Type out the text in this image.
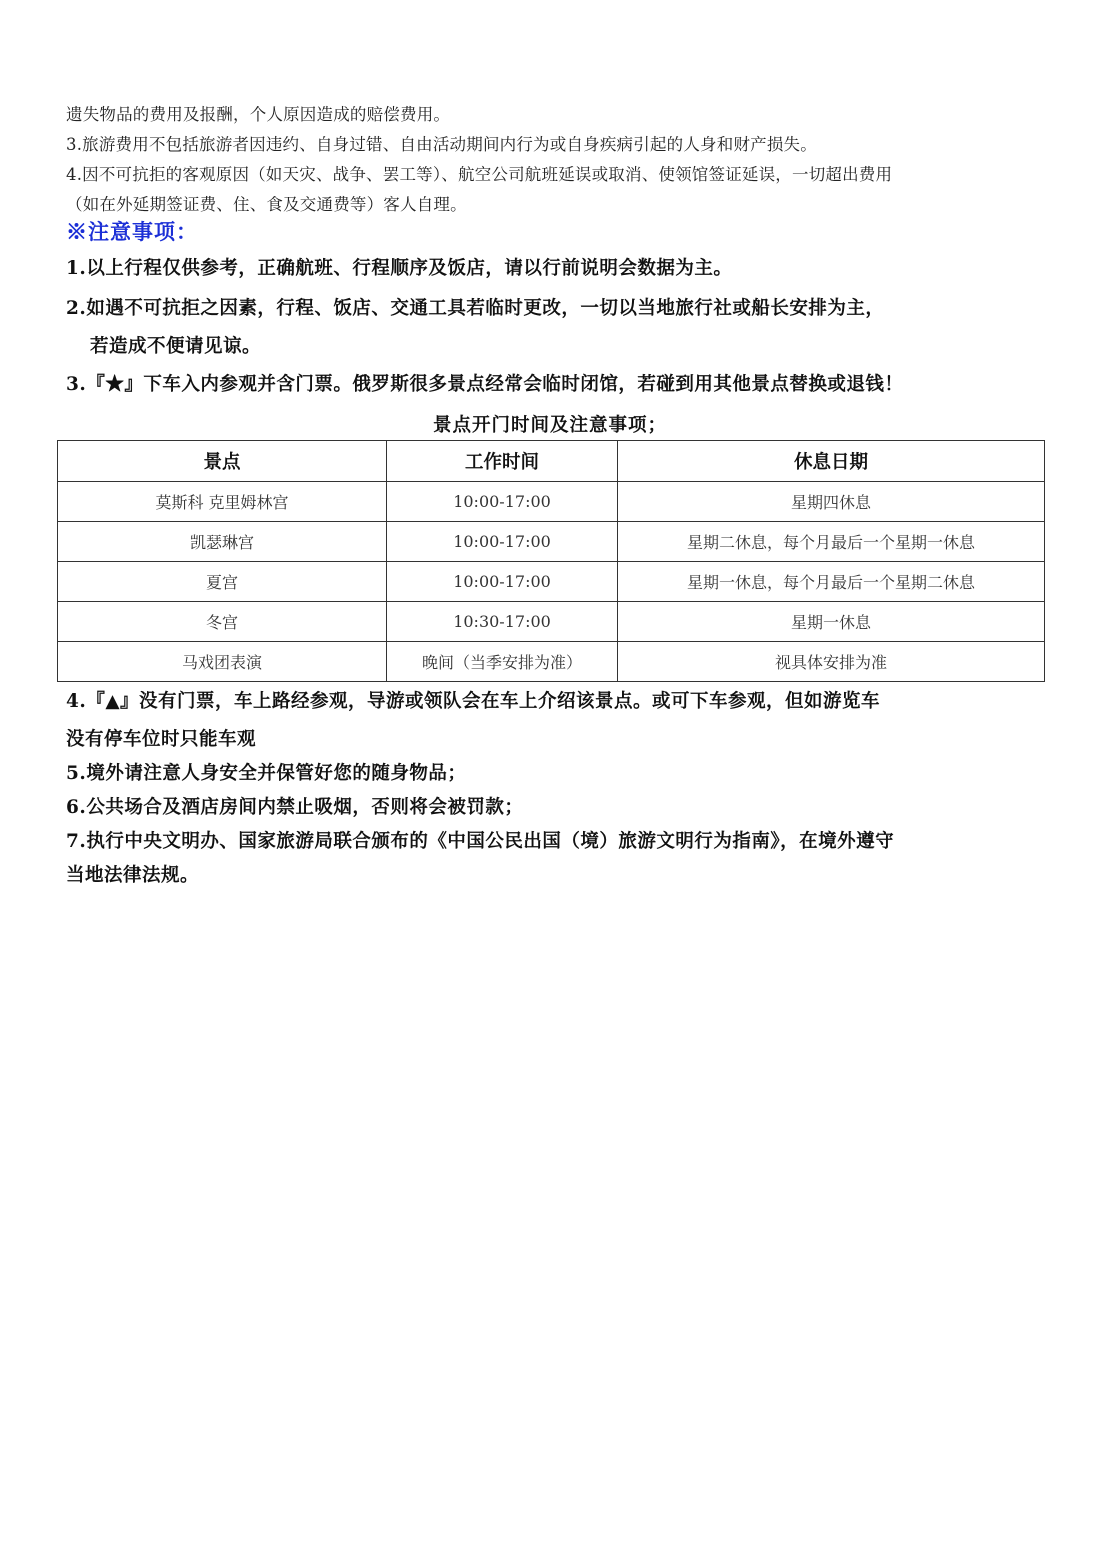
遗失物品的费用及报酬，个人原因造成的赔偿费用。
3.旅游费用不包括旅游者因违约、自身过错、自由活动期间内行为或自身疾病引起的人身和财产损失。
4.因不可抗拒的客观原因（如天灾、战争、罢工等）、航空公司航班延误或取消、使领馆签证延误，一切超出费用
（如在外延期签证费、住、食及交通费等）客人自理。
※注意事项：
1.以上行程仅供参考，正确航班、行程顺序及饭店，请以行前说明会数据为主。
2.如遇不可抗拒之因素，行程、饭店、交通工具若临时更改，一切以当地旅行社或船长安排为主，
若造成不便请见谅。
3.『★』下车入内参观并含门票。俄罗斯很多景点经常会临时闭馆，若碰到用其他景点替换或退钱！
景点开门时间及注意事项；
景点	工作时间	休息日期
莫斯科 克里姆林宫	10:00-17:00	星期四休息
凯瑟琳宫	10:00-17:00	星期二休息，每个月最后一个星期一休息
夏宫	10:00-17:00	星期一休息，每个月最后一个星期二休息
冬宫	10:30-17:00	星期一休息
马戏团表演	晚间（当季安排为准）	视具体安排为准
4.『▲』没有门票，车上路经参观，导游或领队会在车上介绍该景点。或可下车参观，但如游览车
没有停车位时只能车观
5.境外请注意人身安全并保管好您的随身物品；
6.公共场合及酒店房间内禁止吸烟，否则将会被罚款；
7.执行中央文明办、国家旅游局联合颁布的《中国公民出国（境）旅游文明行为指南》，在境外遵守
当地法律法规。
